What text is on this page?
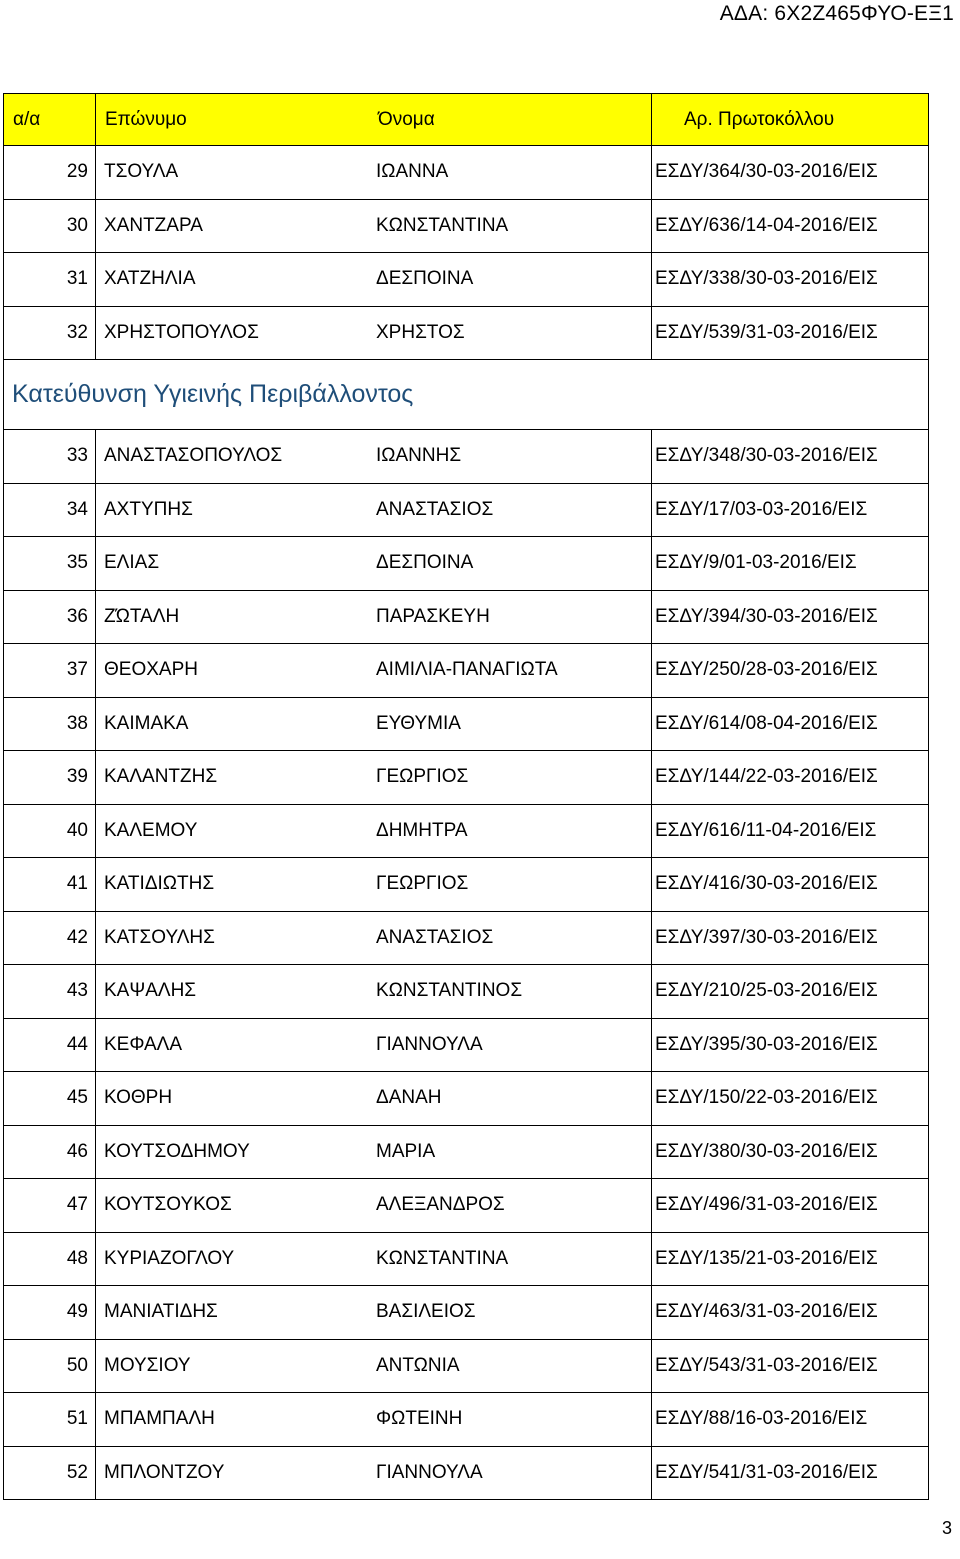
ΑΔΑ: 6Χ2Ζ465ΦΥΟ-ΕΞ1
α/α	Επώνυμο	Όνομα	Αρ. Πρωτοκόλλου
29 ΤΣΟΥΛΑ	ΙΩΑΝΝΑ	ΕΣΔΥ/364/30-03-2016/ΕΙΣ
30 ΧΑΝΤΖΑΡΑ	ΚΩΝΣΤΑΝΤΙΝΑ	ΕΣΔΥ/636/14-04-2016/ΕΙΣ
31 ΧΑΤΖΗΛΙΑ	ΔΕΣΠΟΙΝΑ	ΕΣΔΥ/338/30-03-2016/ΕΙΣ
32 ΧΡΗΣΤΟΠΟΥΛΟΣ	ΧΡΗΣΤΟΣ	ΕΣΔΥ/539/31-03-2016/ΕΙΣ
Κατεύθυνση Υγιεινής Περιβάλλοντος
33 ΑΝΑΣΤΑΣΟΠΟΥΛΟΣ	ΙΩΑΝΝΗΣ	ΕΣΔΥ/348/30-03-2016/ΕΙΣ
34 ΑΧΤΥΠΗΣ	ΑΝΑΣΤΑΣΙΟΣ	ΕΣΔΥ/17/03-03-2016/ΕΙΣ
35 ΕΛΙΑΣ	ΔΕΣΠΟΙΝΑ	ΕΣΔΥ/9/01-03-2016/ΕΙΣ
36 ΖΏΤΑΛΗ	ΠΑΡΑΣΚΕΥΗ	ΕΣΔΥ/394/30-03-2016/ΕΙΣ
37 ΘΕΟΧΑΡΗ	ΑΙΜΙΛΙΑ-ΠΑΝΑΓΙΩΤΑ	ΕΣΔΥ/250/28-03-2016/ΕΙΣ
38 ΚΑΙΜΑΚΑ	ΕΥΘΥΜΙΑ	ΕΣΔΥ/614/08-04-2016/ΕΙΣ
39 ΚΑΛΑΝΤΖΗΣ	ΓΕΩΡΓΙΟΣ	ΕΣΔΥ/144/22-03-2016/ΕΙΣ
40 ΚΑΛΕΜΟΥ	ΔΗΜΗΤΡΑ	ΕΣΔΥ/616/11-04-2016/ΕΙΣ
41 ΚΑΤΙΔΙΩΤΗΣ	ΓΕΩΡΓΙΟΣ	ΕΣΔΥ/416/30-03-2016/ΕΙΣ
42 ΚΑΤΣΟΥΛΗΣ	ΑΝΑΣΤΑΣΙΟΣ	ΕΣΔΥ/397/30-03-2016/ΕΙΣ
43 ΚΑΨΑΛΗΣ	ΚΩΝΣΤΑΝΤΙΝΟΣ	ΕΣΔΥ/210/25-03-2016/ΕΙΣ
44 ΚΕΦΑΛΑ	ΓΙΑΝΝΟΥΛΑ	ΕΣΔΥ/395/30-03-2016/ΕΙΣ
45 ΚΟΘΡΗ	ΔΑΝΑΗ	ΕΣΔΥ/150/22-03-2016/ΕΙΣ
46 ΚΟΥΤΣΟΔΗΜΟΥ	ΜΑΡΙΑ	ΕΣΔΥ/380/30-03-2016/ΕΙΣ
47 ΚΟΥΤΣΟΥΚΟΣ	ΑΛΕΞΑΝΔΡΟΣ	ΕΣΔΥ/496/31-03-2016/ΕΙΣ
48 ΚΥΡΙΑΖΟΓΛΟΥ	ΚΩΝΣΤΑΝΤΙΝΑ	ΕΣΔΥ/135/21-03-2016/ΕΙΣ
49 ΜΑΝΙΑΤΙΔΗΣ	ΒΑΣΙΛΕΙΟΣ	ΕΣΔΥ/463/31-03-2016/ΕΙΣ
50 ΜΟΥΣΙΟΥ	ΑΝΤΩΝΙΑ	ΕΣΔΥ/543/31-03-2016/ΕΙΣ
51 ΜΠΑΜΠΑΛΗ	ΦΩΤΕΙΝΗ	ΕΣΔΥ/88/16-03-2016/ΕΙΣ
52 ΜΠΛΟΝΤΖΟΥ	ΓΙΑΝΝΟΥΛΑ	ΕΣΔΥ/541/31-03-2016/ΕΙΣ
3
